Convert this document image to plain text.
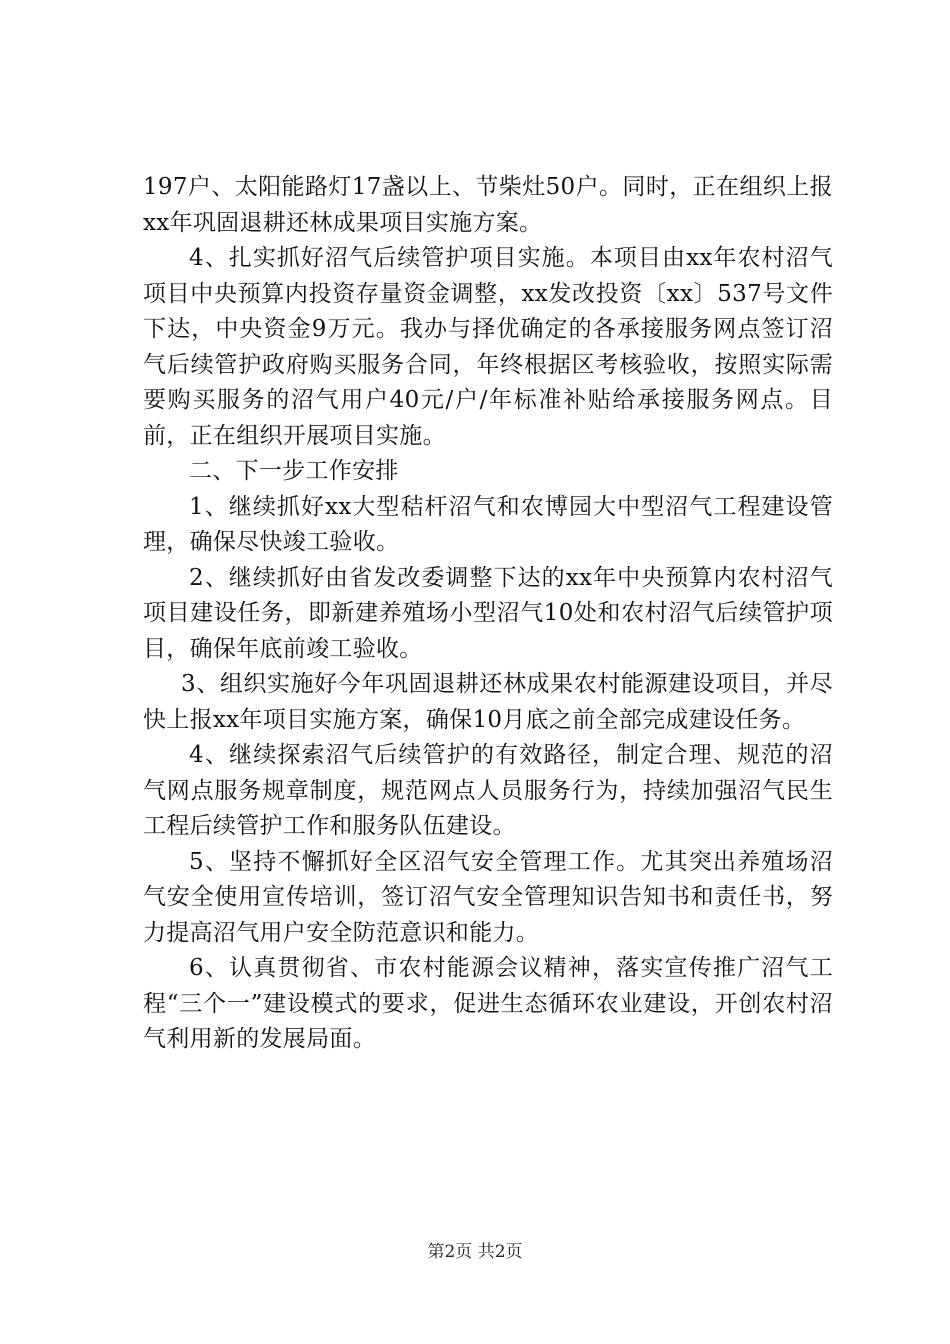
197户、太阳能路灯17盏以上、节柴灶50户。同时，正在组织上报xx年巩固退耕还林成果项目实施方案。

4、扎实抓好沼气后续管护项目实施。本项目由xx年农村沼气项目中央预算内投资存量资金调整，xx发改投资〔xx〕537号文件下达，中央资金9万元。我办与择优确定的各承接服务网点签订沼气后续管护政府购买服务合同，年终根据区考核验收，按照实际需要购买服务的沼气用户40元/户/年标准补贴给承接服务网点。目前，正在组织开展项目实施。

二、下一步工作安排

1、继续抓好xx大型秸杆沼气和农博园大中型沼气工程建设管理，确保尽快竣工验收。

2、继续抓好由省发改委调整下达的xx年中央预算内农村沼气项目建设任务，即新建养殖场小型沼气10处和农村沼气后续管护项目，确保年底前竣工验收。

3、组织实施好今年巩固退耕还林成果农村能源建设项目，并尽快上报xx年项目实施方案，确保10月底之前全部完成建设任务。

4、继续探索沼气后续管护的有效路径，制定合理、规范的沼气网点服务规章制度，规范网点人员服务行为，持续加强沼气民生工程后续管护工作和服务队伍建设。

5、坚持不懈抓好全区沼气安全管理工作。尤其突出养殖场沼气安全使用宣传培训，签订沼气安全管理知识告知书和责任书，努力提高沼气用户安全防范意识和能力。

6、认真贯彻省、市农村能源会议精神，落实宣传推广沼气工程“三个一”建设模式的要求，促进生态循环农业建设，开创农村沼气利用新的发展局面。

第2页 共2页
